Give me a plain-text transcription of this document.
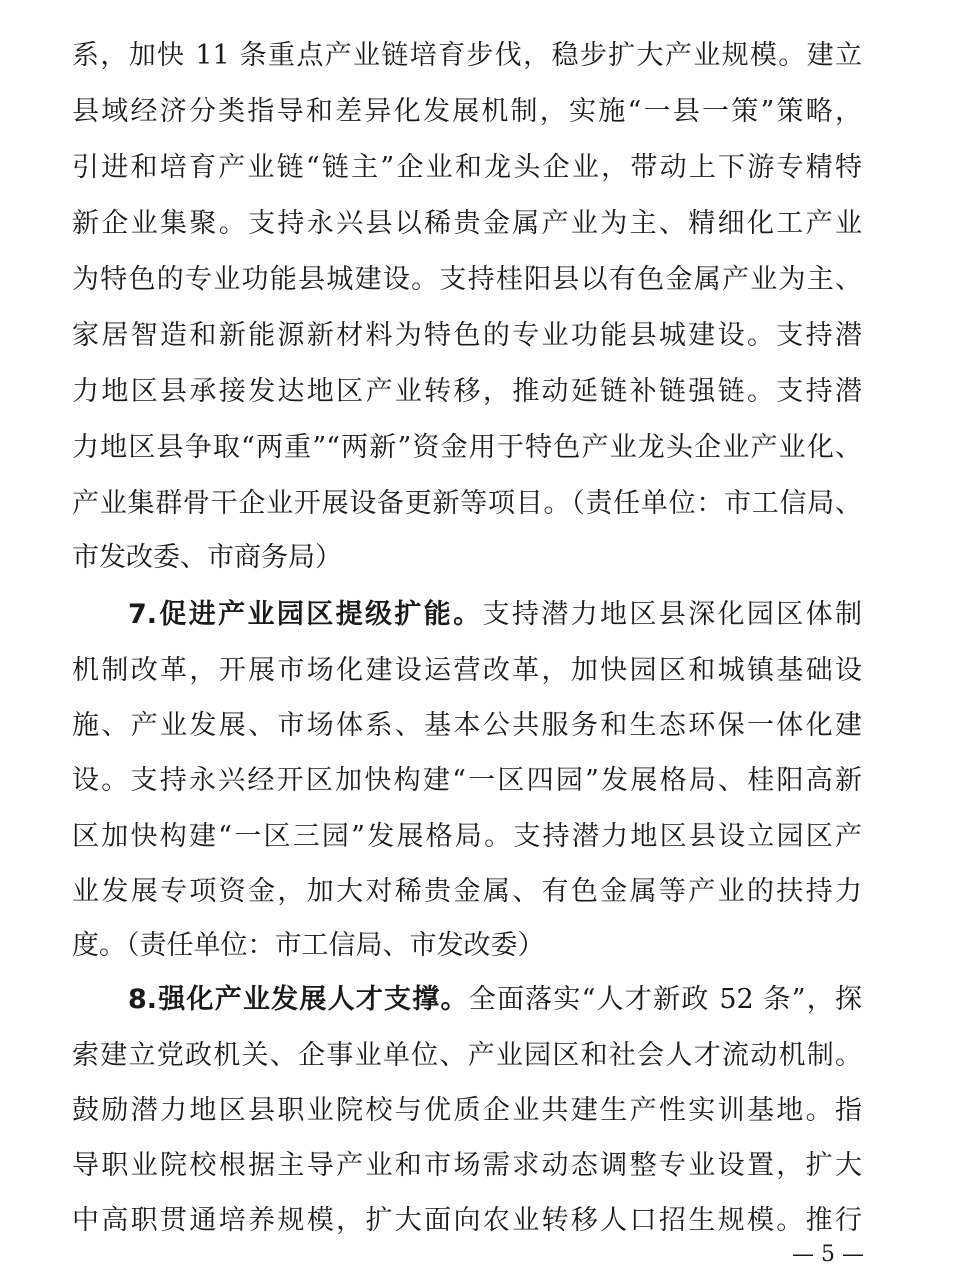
系，加快 11 条重点产业链培育步伐，稳步扩大产业规模。建立
县域经济分类指导和差异化发展机制，实施“一县一策”策略，
引进和培育产业链“链主”企业和龙头企业，带动上下游专精特
新企业集聚。支持永兴县以稀贵金属产业为主、精细化工产业
为特色的专业功能县城建设。支持桂阳县以有色金属产业为主、
家居智造和新能源新材料为特色的专业功能县城建设。支持潜
力地区县承接发达地区产业转移，推动延链补链强链。支持潜
力地区县争取“两重”“两新”资金用于特色产业龙头企业产业化、
产业集群骨干企业开展设备更新等项目。（责任单位：市工信局、
市发改委、市商务局）
7.促进产业园区提级扩能。支持潜力地区县深化园区体制
机制改革，开展市场化建设运营改革，加快园区和城镇基础设
施、产业发展、市场体系、基本公共服务和生态环保一体化建
设。支持永兴经开区加快构建“一区四园”发展格局、桂阳高新
区加快构建“一区三园”发展格局。支持潜力地区县设立园区产
业发展专项资金，加大对稀贵金属、有色金属等产业的扶持力
度。（责任单位：市工信局、市发改委）
8.强化产业发展人才支撑。全面落实“人才新政 52 条”，探
索建立党政机关、企事业单位、产业园区和社会人才流动机制。
鼓励潜力地区县职业院校与优质企业共建生产性实训基地。指
导职业院校根据主导产业和市场需求动态调整专业设置，扩大
中高职贯通培养规模，扩大面向农业转移人口招生规模。推行
— 5 —
